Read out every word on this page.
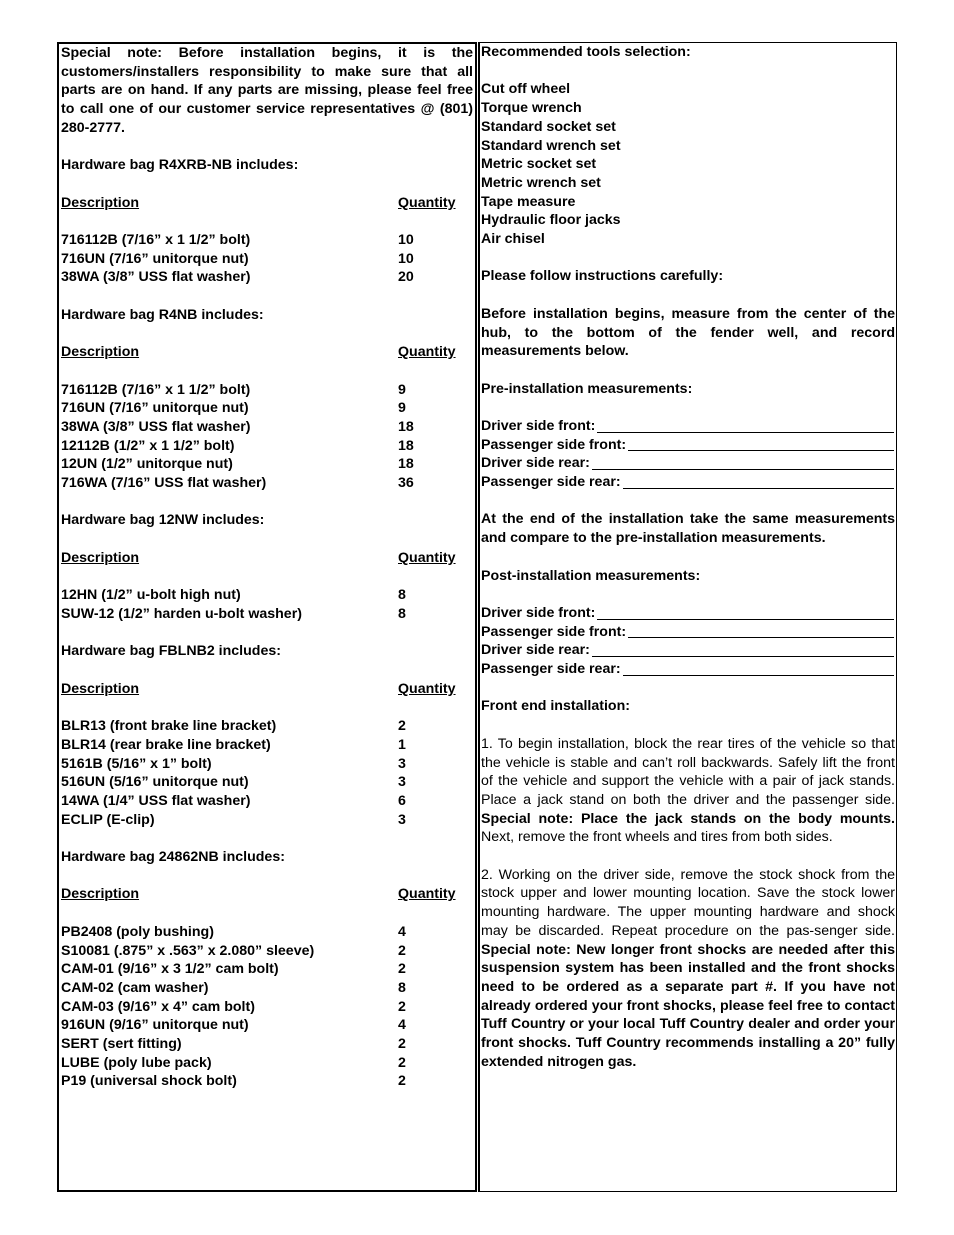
Special note: Before installation begins, it is the customers/installers responsibility to make sure that all parts are on hand. If any parts are missing, please feel free to call one of our customer service representatives @ (801) 280-2777.

Hardware bag R4XRB-NB includes:

Description	Quantity
716112B (7/16” x 1 1/2” bolt)	10
716UN (7/16” unitorque nut)	10
38WA (3/8” USS flat washer)	20

Hardware bag R4NB includes:

Description	Quantity
716112B (7/16” x 1 1/2” bolt)	9
716UN (7/16” unitorque nut)	9
38WA (3/8” USS flat washer)	18
12112B (1/2” x 1 1/2” bolt)	18
12UN (1/2” unitorque nut)	18
716WA (7/16” USS flat washer)	36

Hardware bag 12NW includes:

Description	Quantity
12HN (1/2” u-bolt high nut)	8
SUW-12 (1/2” harden u-bolt washer)	8

Hardware bag FBLNB2 includes:

Description	Quantity
BLR13 (front brake line bracket)	2
BLR14 (rear brake line bracket)	1
5161B (5/16” x 1” bolt)	3
516UN (5/16” unitorque nut)	3
14WA (1/4” USS flat washer)	6
ECLIP (E-clip)	3

Hardware bag 24862NB includes:

Description	Quantity
PB2408 (poly bushing)	4
S10081 (.875” x .563” x 2.080” sleeve)	2
CAM-01 (9/16” x 3 1/2” cam bolt)	2
CAM-02 (cam washer)	8
CAM-03 (9/16” x 4” cam bolt)	2
916UN (9/16” unitorque nut)	4
SERT (sert fitting)	2
LUBE (poly lube pack)	2
P19 (universal shock bolt)	2

Recommended tools selection:

Cut off wheel

Torque wrench

Standard socket set

Standard wrench set

Metric socket set

Metric wrench set

Tape measure

Hydraulic floor jacks

Air chisel

Please follow instructions carefully:

Before installation begins, measure from the center of the hub, to the bottom of the fender well, and record measurements below.

Pre-installation measurements:

Driver side front:
Passenger side front:
Driver side rear:
Passenger side rear:

At the end of the installation take the same measurements and compare to the pre-installation measurements.

Post-installation measurements:

Driver side front:
Passenger side front:
Driver side rear:
Passenger side rear:

Front end installation:

1. To begin installation, block the rear tires of the vehicle so that the vehicle is stable and can’t roll backwards. Safely lift the front of the vehicle and support the vehicle with a pair of jack stands. Place a jack stand on both the driver and the passenger side. Special note: Place the jack stands on the body mounts. Next, remove the front wheels and tires from both sides.

2. Working on the driver side, remove the stock shock from the stock upper and lower mounting location. Save the stock lower mounting hardware. The upper mounting hardware and shock may be discarded. Repeat procedure on the pas-senger side. Special note: New longer front shocks are needed after this suspension system has been installed and the front shocks need to be ordered as a separate part #. If you have not already ordered your front shocks, please feel free to contact Tuff Country or your local Tuff Country dealer and order your front shocks. Tuff Country recommends installing a 20” fully extended nitrogen gas.
